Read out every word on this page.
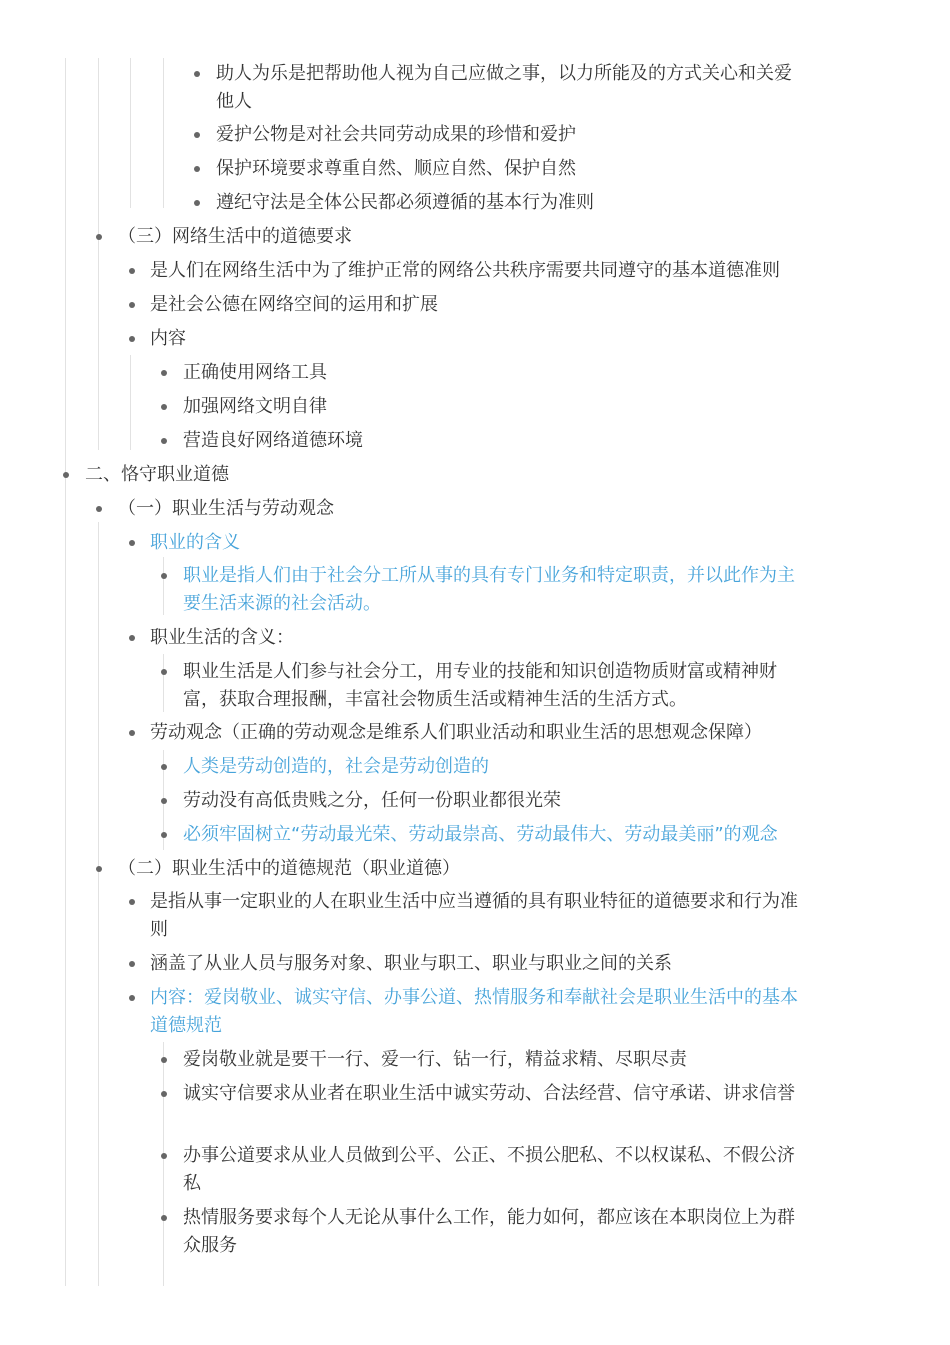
助人为乐是把帮助他人视为自己应做之事，以力所能及的方式关心和关爱他人
爱护公物是对社会共同劳动成果的珍惜和爱护
保护环境要求尊重自然、顺应自然、保护自然
遵纪守法是全体公民都必须遵循的基本行为准则
（三）网络生活中的道德要求
是人们在网络生活中为了维护正常的网络公共秩序需要共同遵守的基本道德准则
是社会公德在网络空间的运用和扩展
内容
正确使用网络工具
加强网络文明自律
营造良好网络道德环境
二、恪守职业道德
（一）职业生活与劳动观念
职业的含义
职业是指人们由于社会分工所从事的具有专门业务和特定职责，并以此作为主要生活来源的社会活动。
职业生活的含义：
职业生活是人们参与社会分工，用专业的技能和知识创造物质财富或精神财富，获取合理报酬，丰富社会物质生活或精神生活的生活方式。
劳动观念（正确的劳动观念是维系人们职业活动和职业生活的思想观念保障）
人类是劳动创造的，社会是劳动创造的
劳动没有高低贵贱之分，任何一份职业都很光荣
必须牢固树立“劳动最光荣、劳动最崇高、劳动最伟大、劳动最美丽”的观念
（二）职业生活中的道德规范（职业道德）
是指从事一定职业的人在职业生活中应当遵循的具有职业特征的道德要求和行为准则
涵盖了从业人员与服务对象、职业与职工、职业与职业之间的关系
内容：爱岗敬业、诚实守信、办事公道、热情服务和奉献社会是职业生活中的基本道德规范
爱岗敬业就是要干一行、爱一行、钻一行，精益求精、尽职尽责
诚实守信要求从业者在职业生活中诚实劳动、合法经营、信守承诺、讲求信誉
办事公道要求从业人员做到公平、公正、不损公肥私、不以权谋私、不假公济私
热情服务要求每个人无论从事什么工作，能力如何，都应该在本职岗位上为群众服务
